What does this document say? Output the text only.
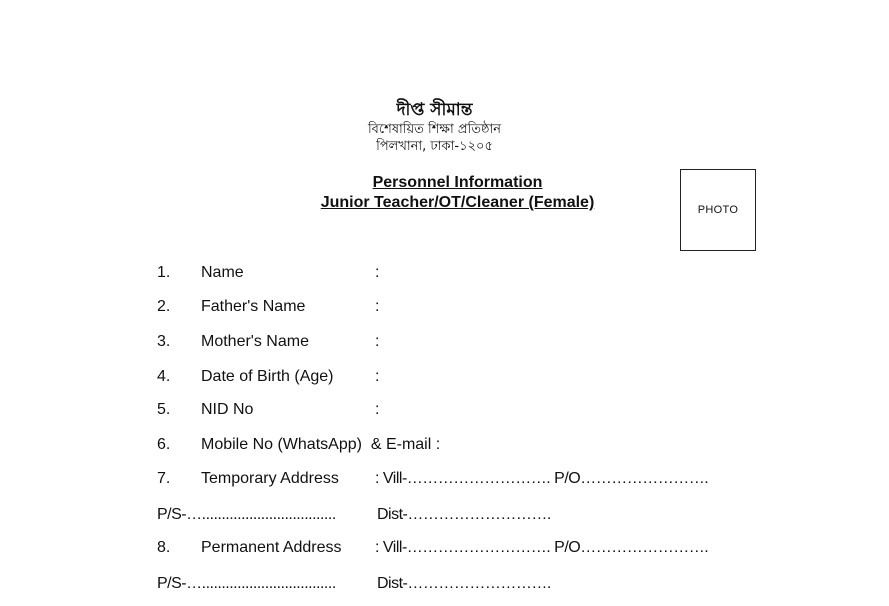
দীপ্ত সীমান্ত
বিশেষায়িত শিক্ষা প্রতিষ্ঠান
পিলখানা, ঢাকা-১২০৫
Personnel Information
Junior Teacher/OT/Cleaner (Female)	PHOTO
1. Name	:
2. Father's Name	:
3. Mother's Name	:
4. Date of Birth (Age)	:
5. NID No	:
6. Mobile No (WhatsApp)  & E-mail :
7. Temporary Address : Vill-………………………. P/O…………………….
P/S-…..................................	Dist-……………………….
8. Permanent Address : Vill-………………………. P/O…………………….
P/S-…..................................	Dist-……………………….
